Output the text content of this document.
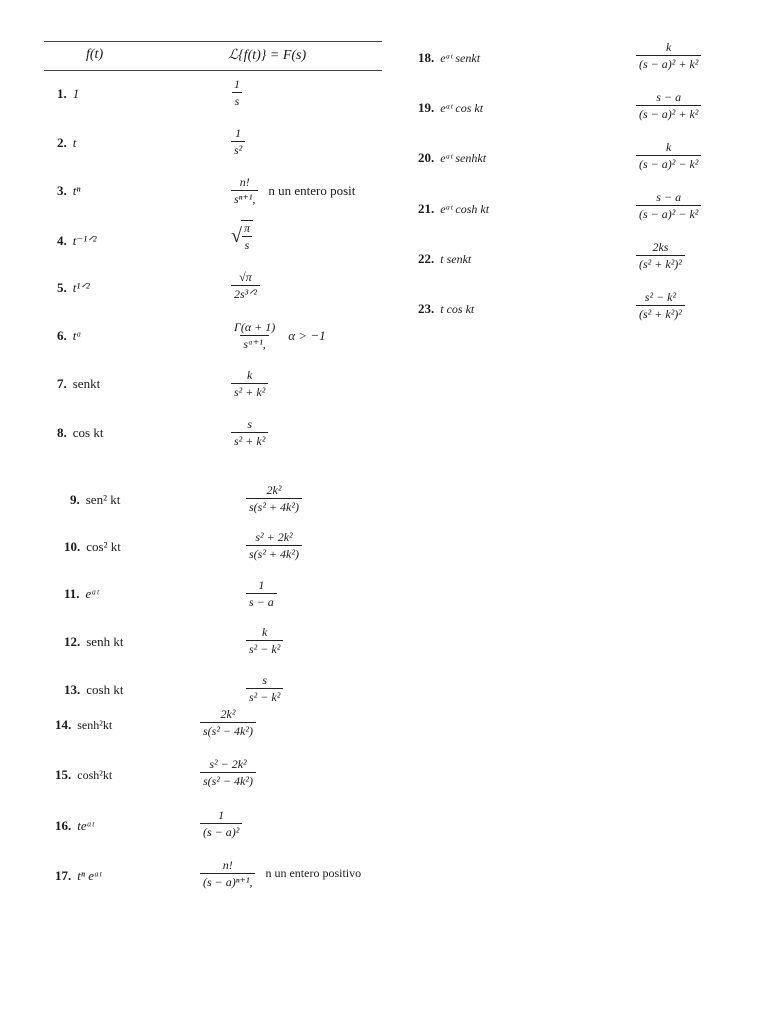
f(t)	ℒ{f(t)} = F(s)
1. 1	$\frac{1}{s}$
2. t	$\frac{1}{\text{s²}}$
3. tⁿ	$\frac{n!}{\text{sⁿ⁺¹,}}$ n un entero posit
4. t⁻¹ᐟ²	√ $\frac{\pi}{s}$
5. t¹ᐟ²	$\frac{√\pi}{\text{2s³ᐟ²}}$
6. tᵅ	$\frac{\Gamma(\alpha + 1)}{\text{sᵅ⁺¹,}}$ α > −1
7. senkt	$\frac{k}{\text{s² + k²}}$
8. cos kt	$\frac{s}{\text{s² + k²}}$
9. sen² kt	$\frac{\text{2k²}}{\text{s(s² + 4k²)}}$
10. cos² kt	$\frac{\text{s² + 2k²}}{\text{s(s² + 4k²)}}$
11. eᵃᵗ	$\frac{1}{s - a}$
12. senh kt	$\frac{k}{\text{s² − k²}}$
13. cosh kt	$\frac{s}{\text{s² − k²}}$
14. senh²kt	$\frac{\text{2k²}}{\text{s(s² − 4k²)}}$
15. cosh²kt	$\frac{\text{s² − 2k²}}{\text{s(s² − 4k²)}}$
16. teᵃᵗ	$\frac{1}{\text{(s − a)²}}$
17. tⁿ eᵃᵗ	$\frac{n!}{\text{(s − a)ⁿ⁺¹,}}$ n un entero positivo
18. eᵃᵗ senkt	$\frac{k}{\text{(s − a)² + k²}}$
19. eᵃᵗ cos kt	$\frac{s - a}{\text{(s − a)² + k²}}$
20. eᵃᵗ senhkt	$\frac{k}{\text{(s − a)² − k²}}$
21. eᵃᵗ cosh kt	$\frac{s - a}{\text{(s − a)² − k²}}$
22. t senkt	$\frac{2ks}{\text{(s² + k²)²}}$
23. t cos kt	$\frac{\text{s² − k²}}{\text{(s² + k²)²}}$
